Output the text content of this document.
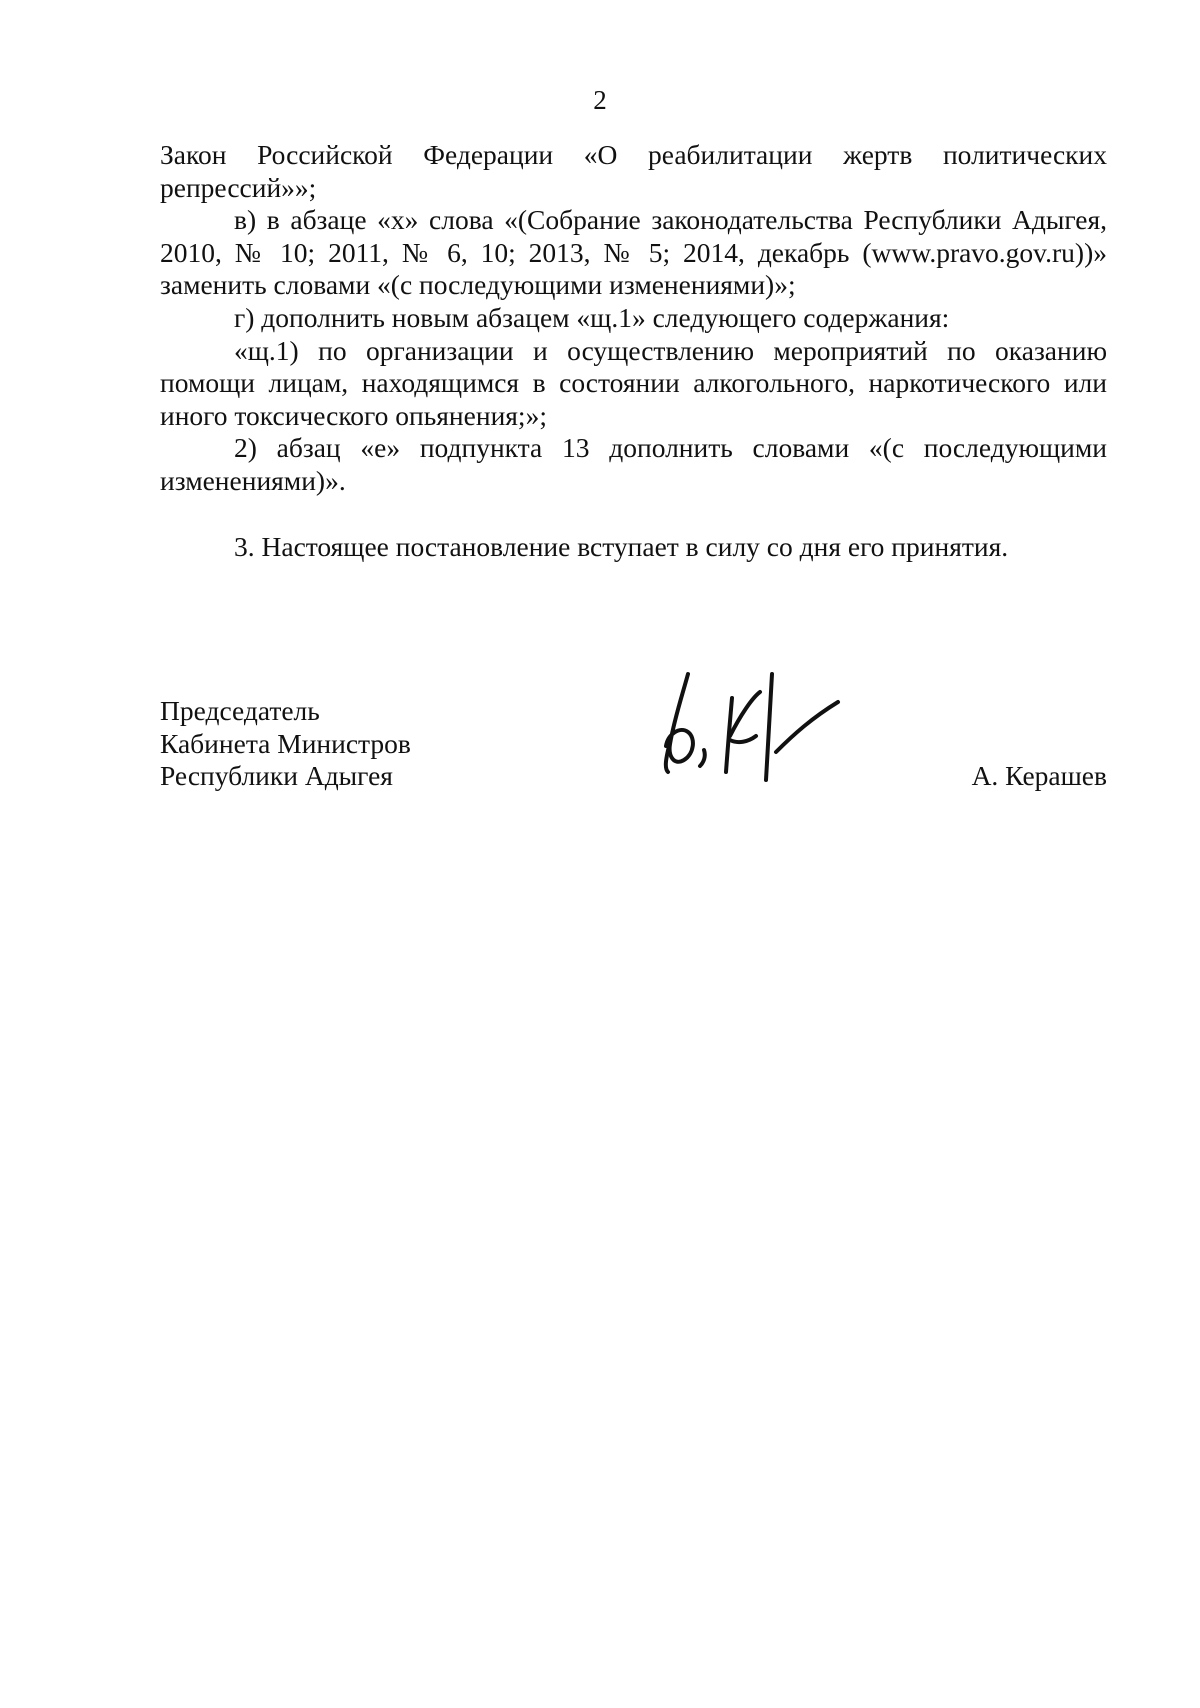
2

Закон Российской Федерации «О реабилитации жертв политических репрессий»»;

в) в абзаце «х» слова «(Собрание законодательства Республики Адыгея, 2010, № 10; 2011, № 6, 10; 2013, № 5; 2014, декабрь (www.pravo.gov.ru))» заменить словами «(с последующими изменениями)»;

г) дополнить новым абзацем «щ.1» следующего содержания:

«щ.1) по организации и осуществлению мероприятий по оказанию помощи лицам, находящимся в состоянии алкогольного, наркотического или иного токсического опьянения;»;

2) абзац «е» подпункта 13 дополнить словами «(с последующими изменениями)».

3. Настоящее постановление вступает в силу со дня его принятия.

Председатель
Кабинета Министров
Республики Адыгея	А. Керашев
